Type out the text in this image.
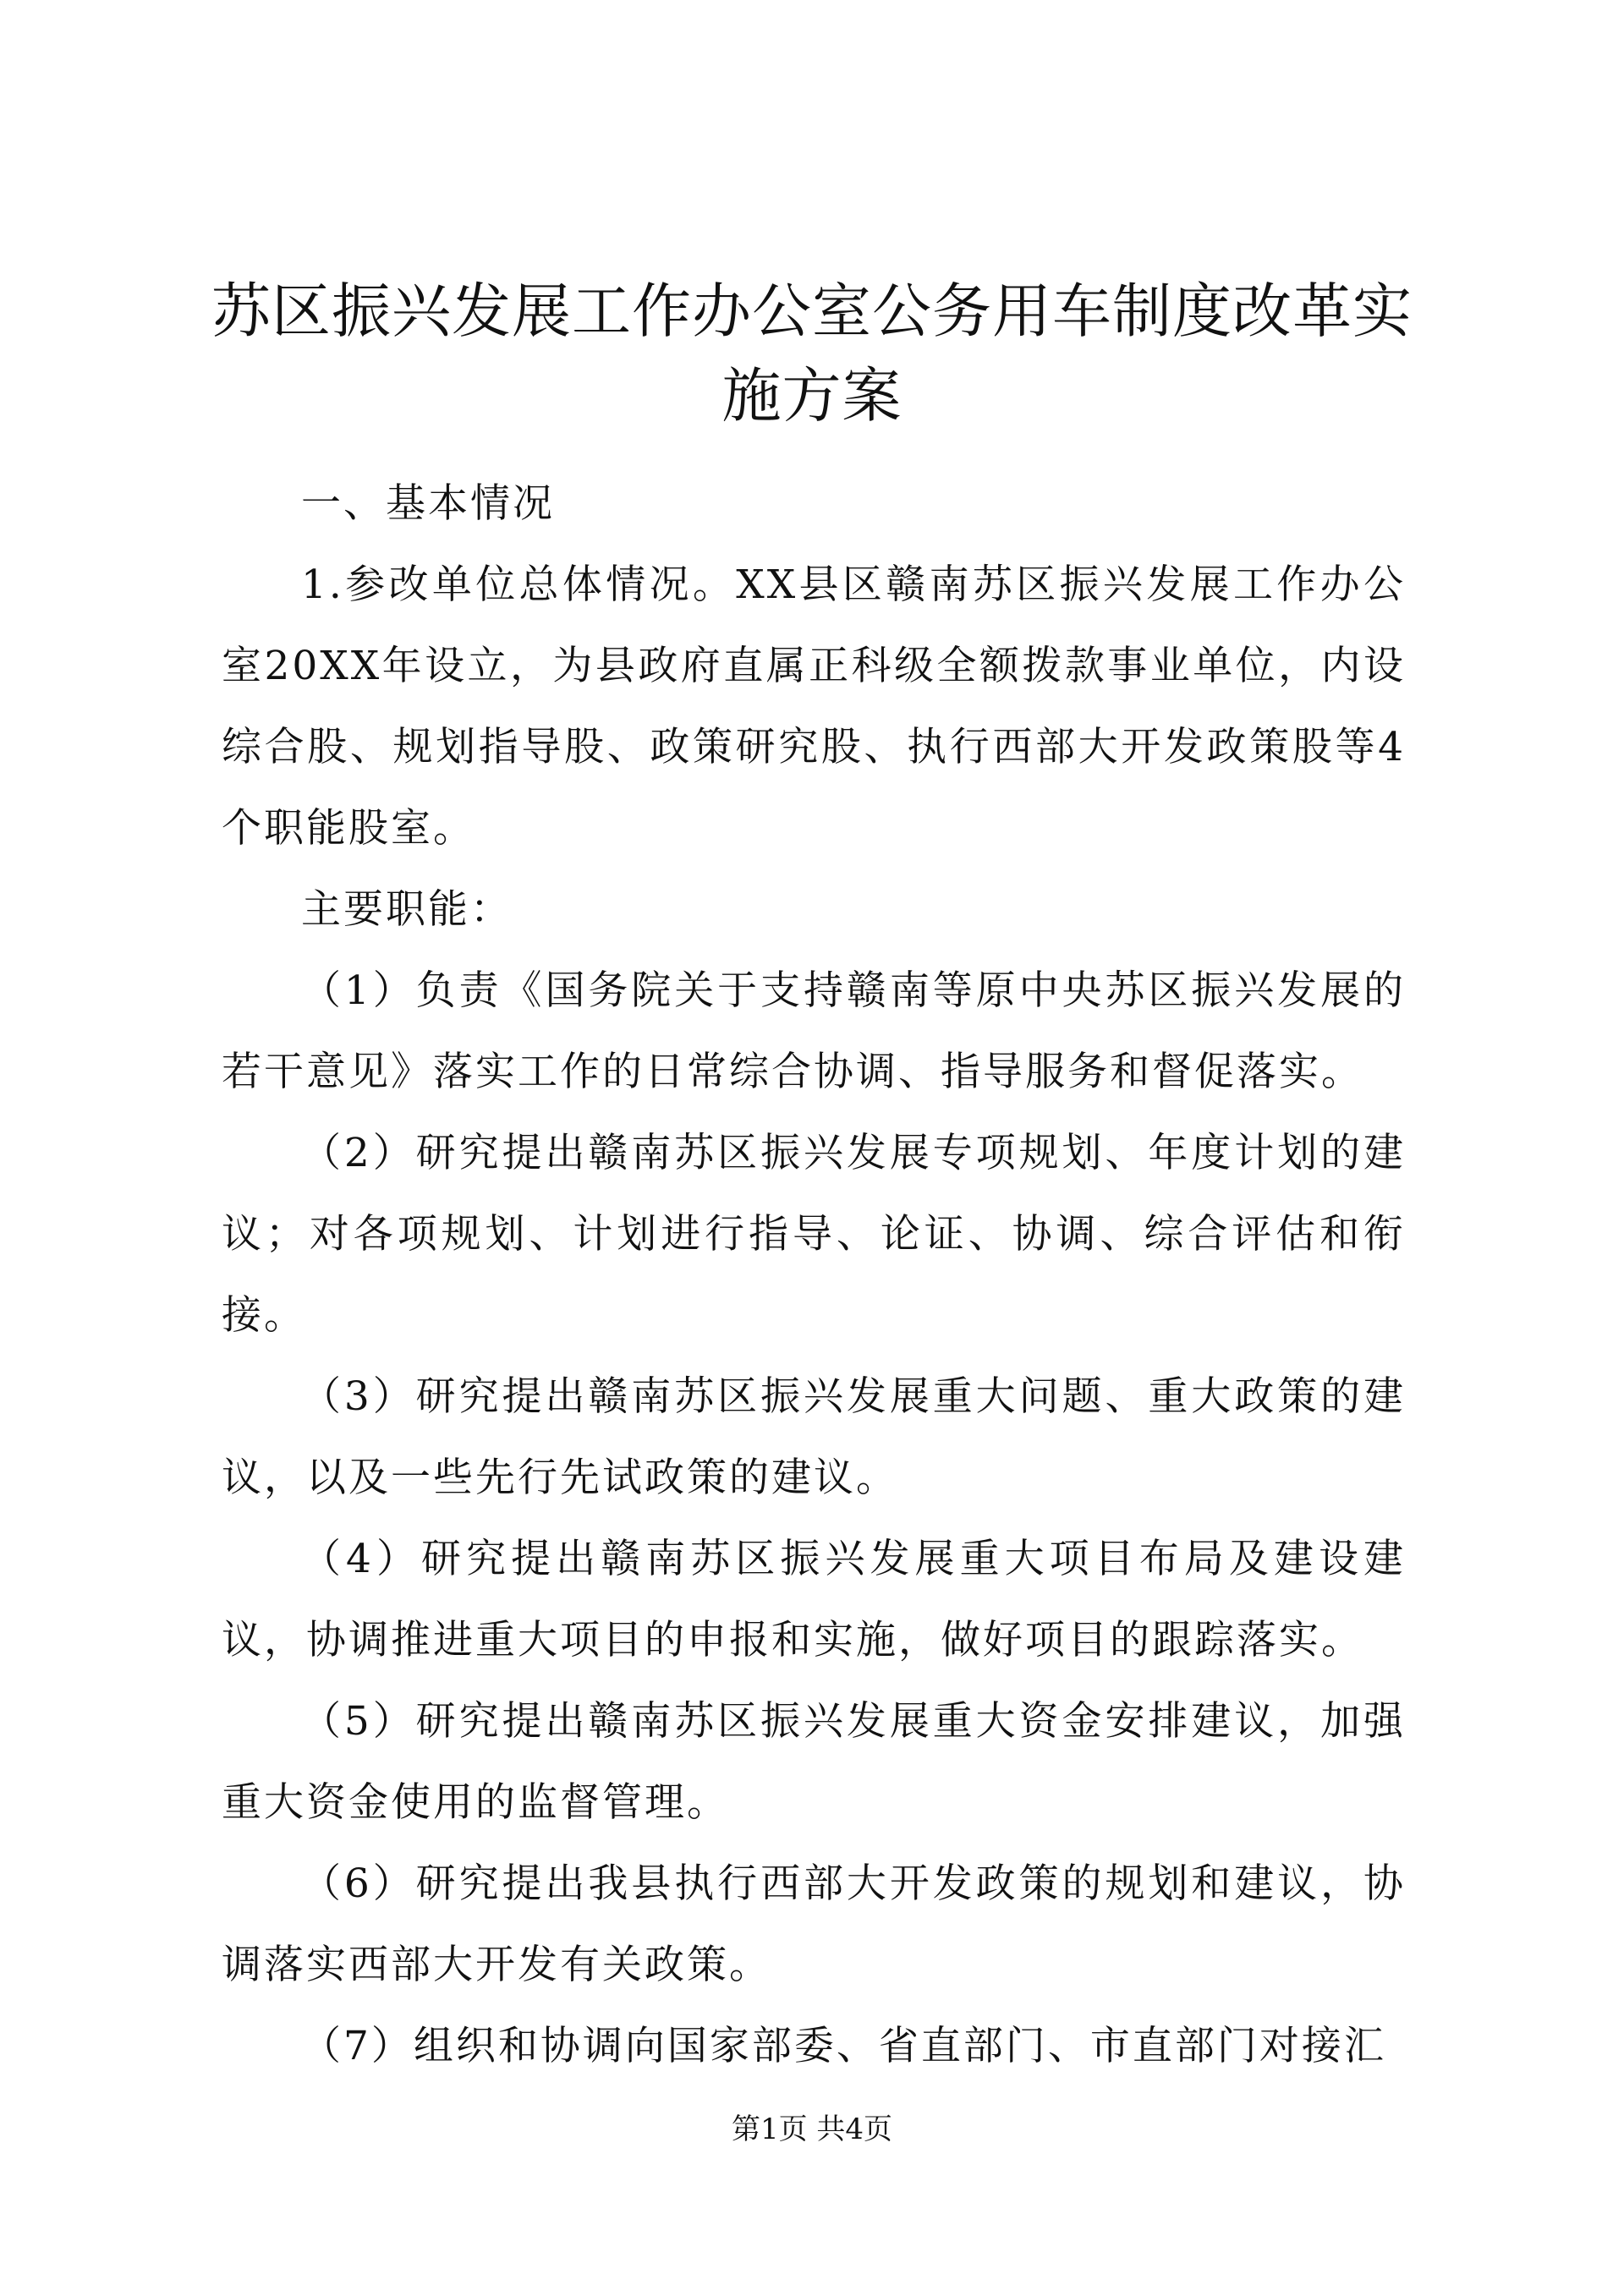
苏区振兴发展工作办公室公务用车制度改革实施方案

一、基本情况

1.参改单位总体情况。XX县区赣南苏区振兴发展工作办公室20XX年设立，为县政府直属正科级全额拨款事业单位，内设综合股、规划指导股、政策研究股、执行西部大开发政策股等4个职能股室。

主要职能：

（1）负责《国务院关于支持赣南等原中央苏区振兴发展的若干意见》落实工作的日常综合协调、指导服务和督促落实。

（2）研究提出赣南苏区振兴发展专项规划、年度计划的建议；对各项规划、计划进行指导、论证、协调、综合评估和衔接。

（3）研究提出赣南苏区振兴发展重大问题、重大政策的建议，以及一些先行先试政策的建议。

（4）研究提出赣南苏区振兴发展重大项目布局及建设建议，协调推进重大项目的申报和实施，做好项目的跟踪落实。

（5）研究提出赣南苏区振兴发展重大资金安排建议，加强重大资金使用的监督管理。

（6）研究提出我县执行西部大开发政策的规划和建议，协调落实西部大开发有关政策。

（7）组织和协调向国家部委、省直部门、市直部门对接汇

第1页 共4页
